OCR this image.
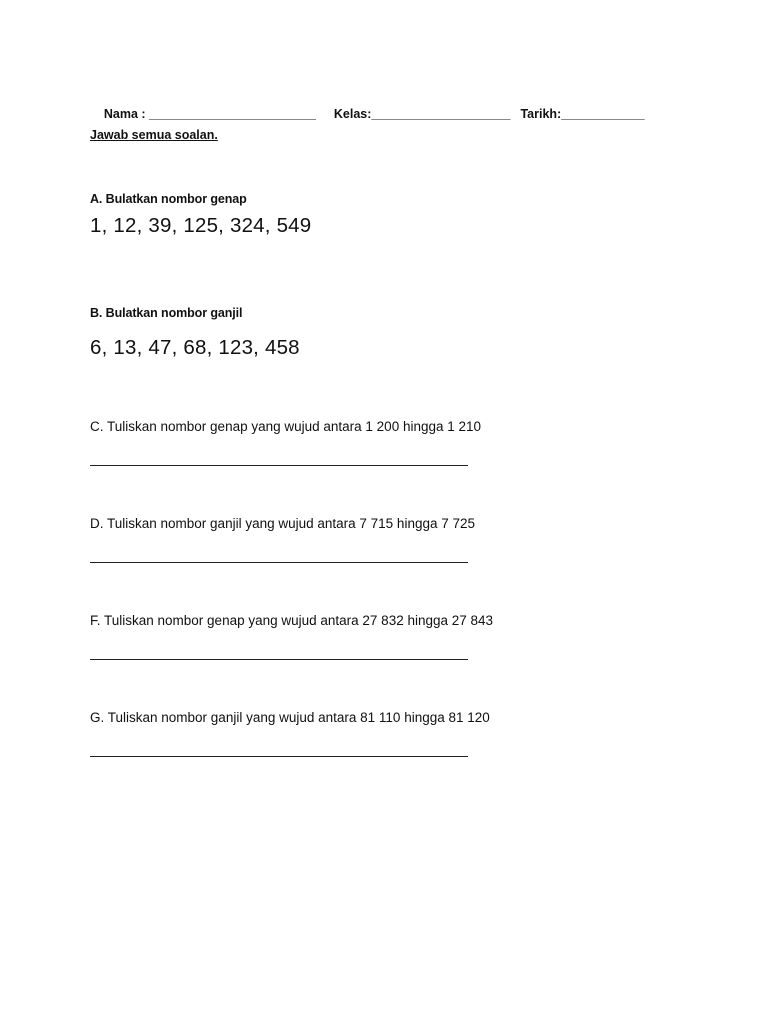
Nama : ________________________ Kelas:____________________ Tarikh:____________

Jawab semua soalan.
A. Bulatkan nombor genap
1, 12, 39, 125, 324, 549
B. Bulatkan nombor ganjil
6, 13, 47, 68, 123, 458
C. Tuliskan nombor genap yang wujud antara 1 200 hingga 1 210
D. Tuliskan nombor ganjil yang wujud antara 7 715 hingga 7 725
F. Tuliskan nombor genap yang wujud antara 27 832 hingga 27 843
G. Tuliskan nombor ganjil yang wujud antara 81 110 hingga 81 120
